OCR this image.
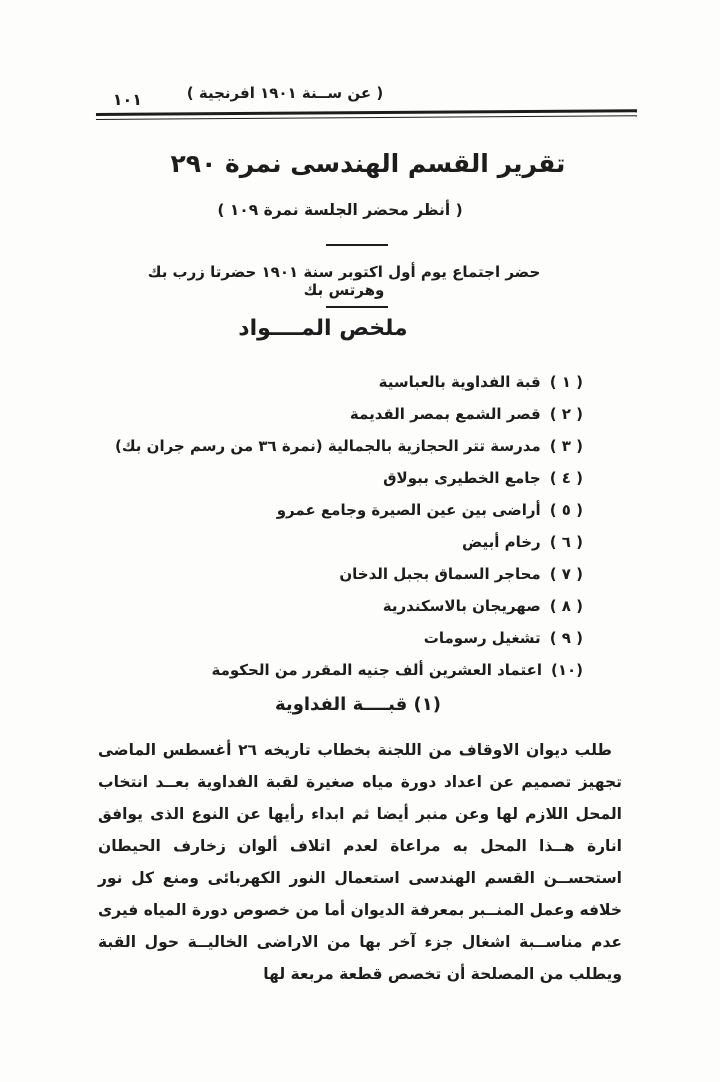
١٠١	( عن ســنة ١٩٠١ افرنجية )
تقرير القسم الهندسى نمرة ٢٩٠
( أنظر محضر الجلسة نمرة ١٠٩ )
حضر اجتماع يوم أول اكتوبر سنة ١٩٠١ حضرتا زرب بك وهرتس بك
ملخص المــــواد
( ١ )قبة الفداوية بالعباسية
( ٢ )قصر الشمع بمصر القديمة
( ٣ )مدرسة تتر الحجازية بالجمالية (نمرة ٣٦ من رسم جران بك)
( ٤ )جامع الخطيرى ببولاق
( ٥ )أراضى بين عين الصيرة وجامع عمرو
( ٦ )رخام أبيض
( ٧ )محاجر السماق بجبل الدخان
( ٨ )صهريجان بالاسكندرية
( ٩ )تشغيل رسومات
(١٠)اعتماد العشرين ألف جنيه المقرر من الحكومة
(١) قبــــة الفداوية
طلب ديوان الاوقاف من اللجنة بخطاب تاريخه ٢٦ أغسطس الماضى تجهيز تصميم عن اعداد دورة مياه صغيرة لقبة الفداوية بعــد انتخاب المحل اللازم لها وعن منبر أيضا ثم ابداء رأيها عن النوع الذى يوافق انارة هــذا المحل به مراعاة لعدم اتلاف ألوان زخارف الحيطان استحســن القسم الهندسى استعمال النور الكهربائى ومنع كل نور خلافه وعمل المنــبر بمعرفة الديوان أما من خصوص دورة المياه فيرى عدم مناســبة اشغال جزء آخر بها من الاراضى الخاليــة حول القبة ويطلب من المصلحة أن تخصص قطعة مربعة لها
